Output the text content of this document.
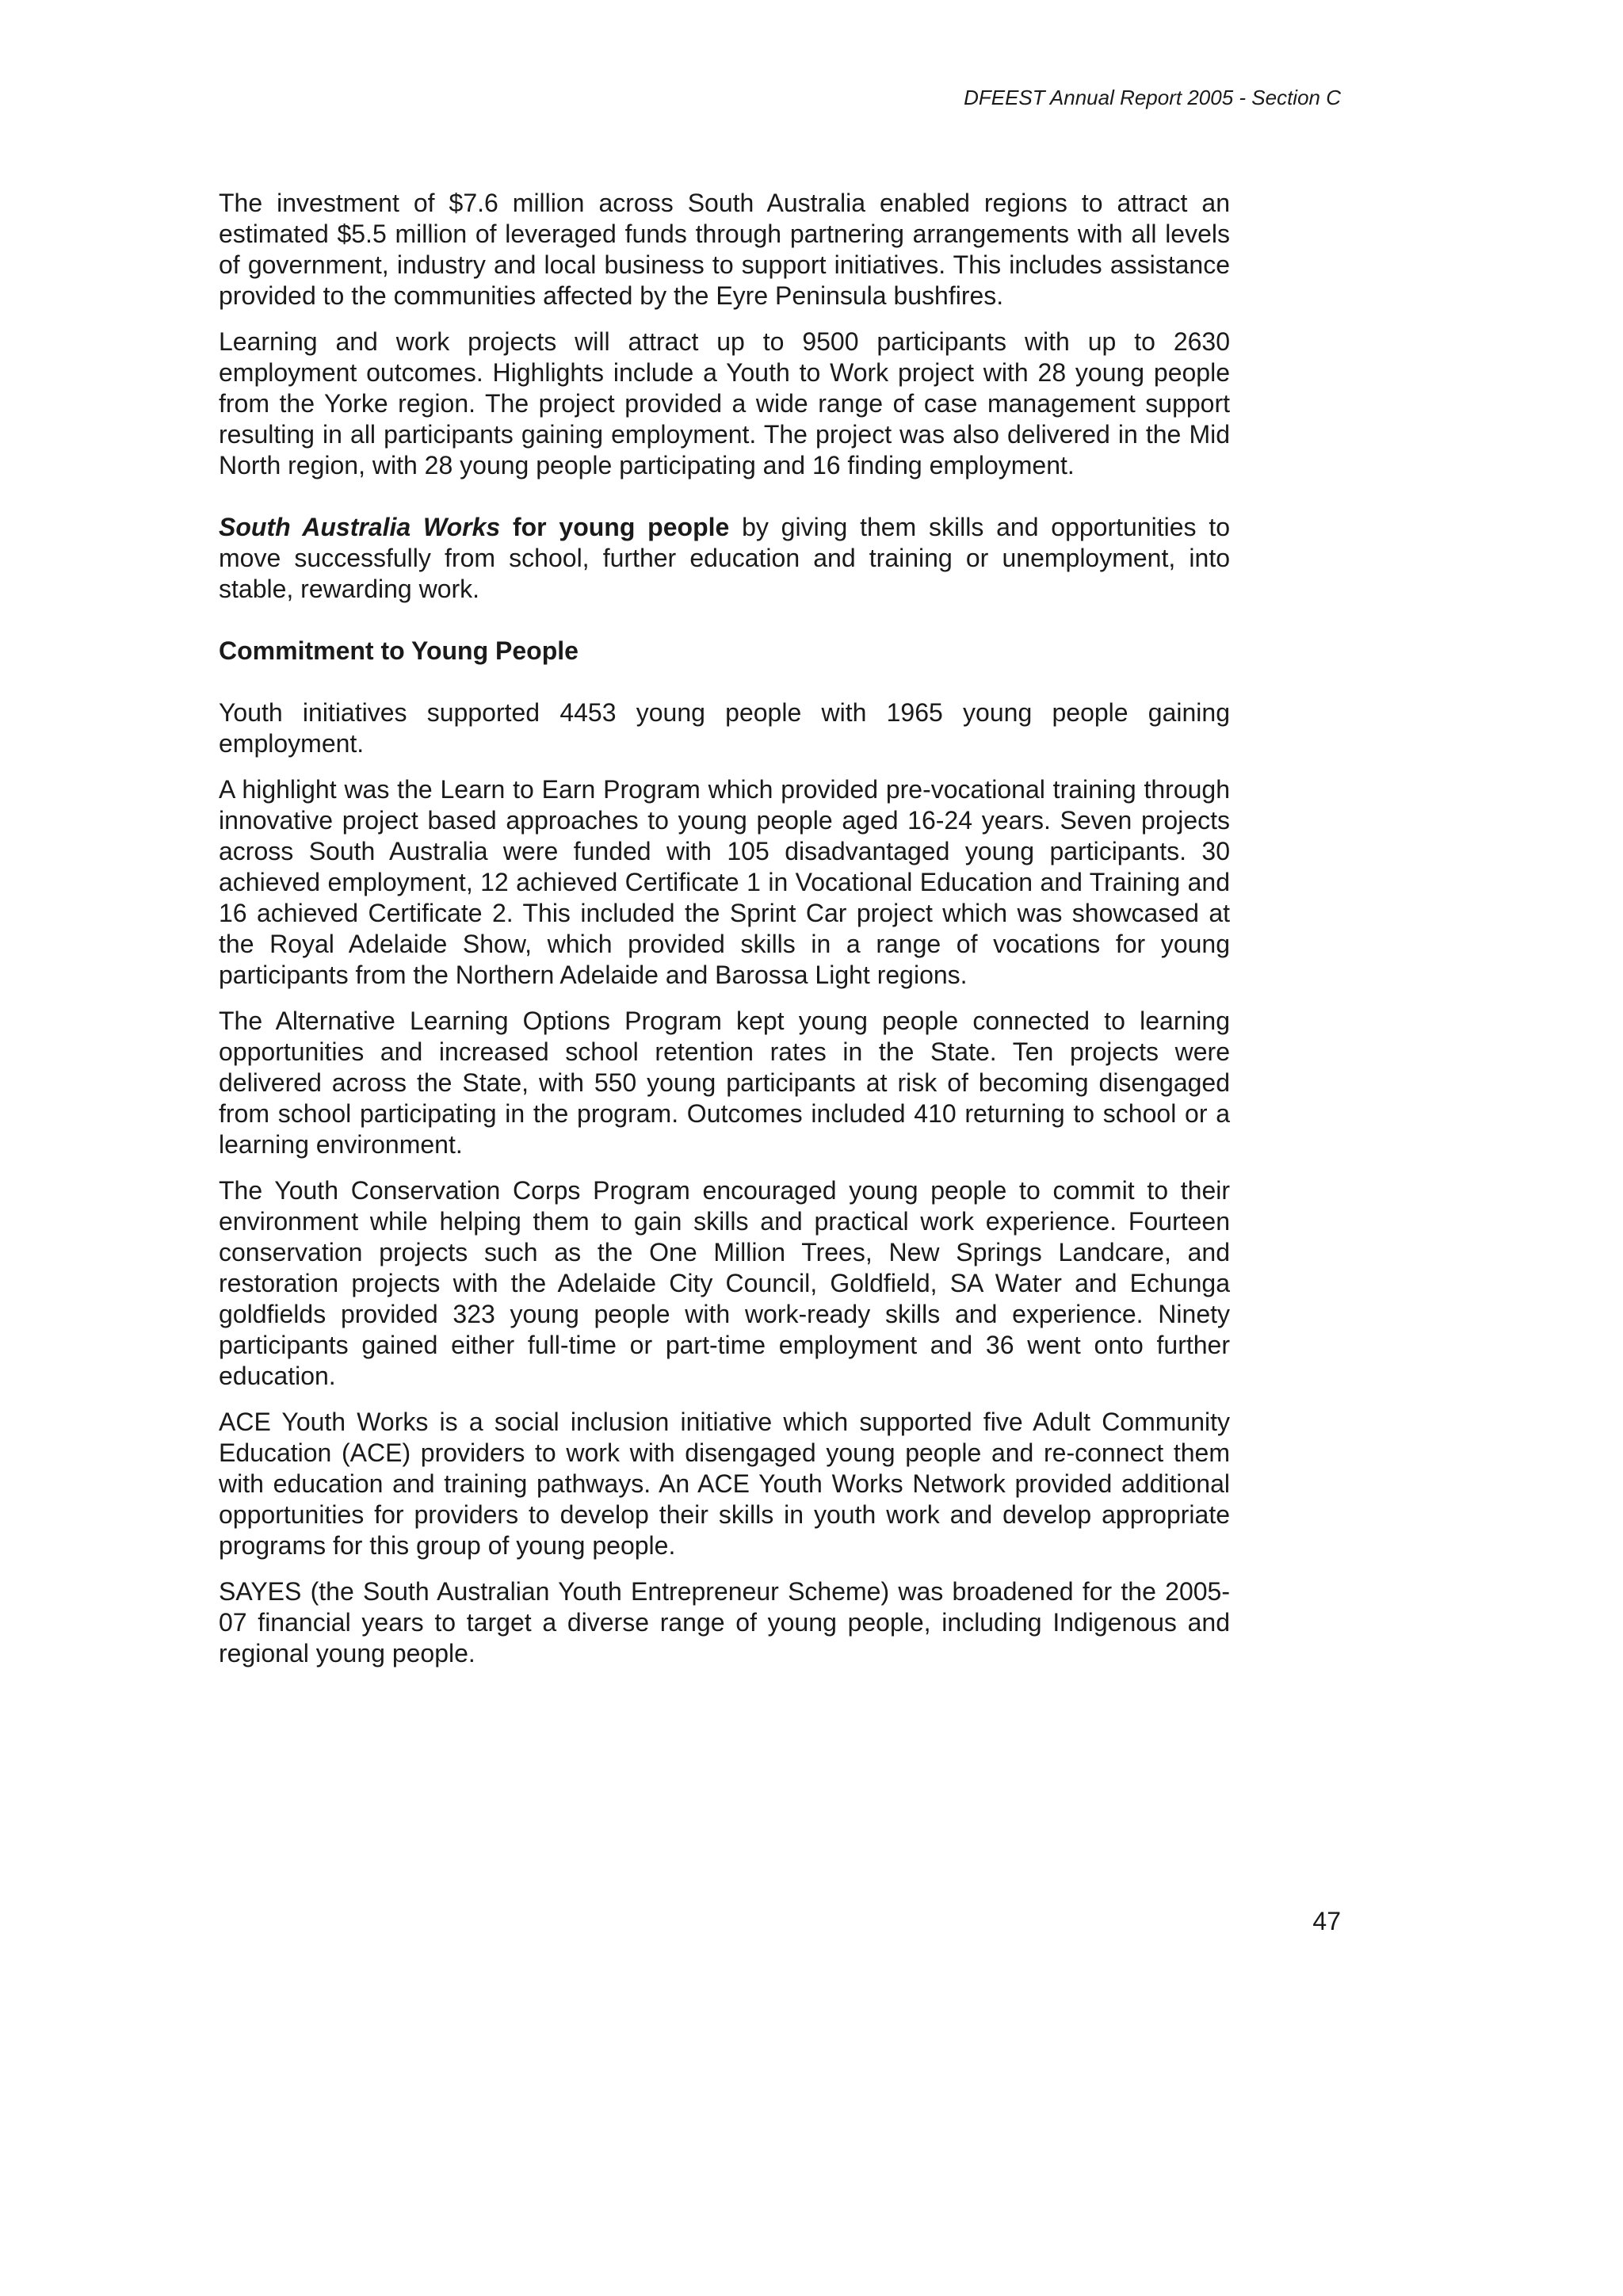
DFEEST Annual Report 2005 - Section C

The investment of $7.6 million across South Australia enabled regions to attract an estimated $5.5 million of leveraged funds through partnering arrangements with all levels of government, industry and local business to support initiatives. This includes assistance provided to the communities affected by the Eyre Peninsula bushfires.

Learning and work projects will attract up to 9500 participants with up to 2630 employment outcomes. Highlights include a Youth to Work project with 28 young people from the Yorke region. The project provided a wide range of case management support resulting in all participants gaining employment. The project was also delivered in the Mid North region, with 28 young people participating and 16 finding employment.

South Australia Works for young people by giving them skills and opportunities to move successfully from school, further education and training or unemployment, into stable, rewarding work.

Commitment to Young People

Youth initiatives supported 4453 young people with 1965 young people gaining employment.

A highlight was the Learn to Earn Program which provided pre-vocational training through innovative project based approaches to young people aged 16-24 years. Seven projects across South Australia were funded with 105 disadvantaged young participants. 30 achieved employment, 12 achieved Certificate 1 in Vocational Education and Training and 16 achieved Certificate 2. This included the Sprint Car project which was showcased at the Royal Adelaide Show, which provided skills in a range of vocations for young participants from the Northern Adelaide and Barossa Light regions.

The Alternative Learning Options Program kept young people connected to learning opportunities and increased school retention rates in the State. Ten projects were delivered across the State, with 550 young participants at risk of becoming disengaged from school participating in the program. Outcomes included 410 returning to school or a learning environment.

The Youth Conservation Corps Program encouraged young people to commit to their environment while helping them to gain skills and practical work experience. Fourteen conservation projects such as the One Million Trees, New Springs Landcare, and restoration projects with the Adelaide City Council, Goldfield, SA Water and Echunga goldfields provided 323 young people with work-ready skills and experience. Ninety participants gained either full-time or part-time employment and 36 went onto further education.

ACE Youth Works is a social inclusion initiative which supported five Adult Community Education (ACE) providers to work with disengaged young people and re-connect them with education and training pathways. An ACE Youth Works Network provided additional opportunities for providers to develop their skills in youth work and develop appropriate programs for this group of young people.

SAYES (the South Australian Youth Entrepreneur Scheme) was broadened for the 2005-07 financial years to target a diverse range of young people, including Indigenous and regional young people.

47
